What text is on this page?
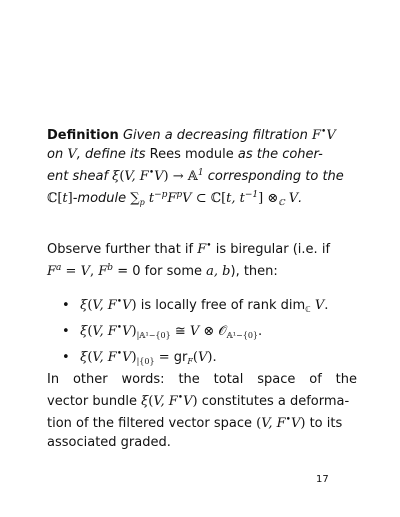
Definition Given a decreasing filtration F•V
on V, define its Rees module as the coher-
ent sheaf ξ(V, F•V) → 𝔸$^1$ corresponding to the
ℂ[t]-module $\sum_p$ $t^{-p}F^pV$ ⊂ ℂ[t, $t^{-1}$] $\otimes_ℂ$ V.
Observe further that if F• is biregular (i.e. if
$F^a = V$, $F^b = 0$ for some a, b), then:
• ξ(V, F•V) is locally free of rank dim$_ℂ$ V.
• ξ(V, $F^•V)_{|𝔸^1-\{0\}}$ ≅ V ⊗ 𝒪$_{𝔸^1-\{0\}}$.
• ξ(V, $F^•V)_{|\{0\}} = gr_F(V)$.
In other words: the total space of the
vector bundle ξ(V, F•V) constitutes a deforma-
tion of the filtered vector space (V, F•V) to its
associated graded.
17
